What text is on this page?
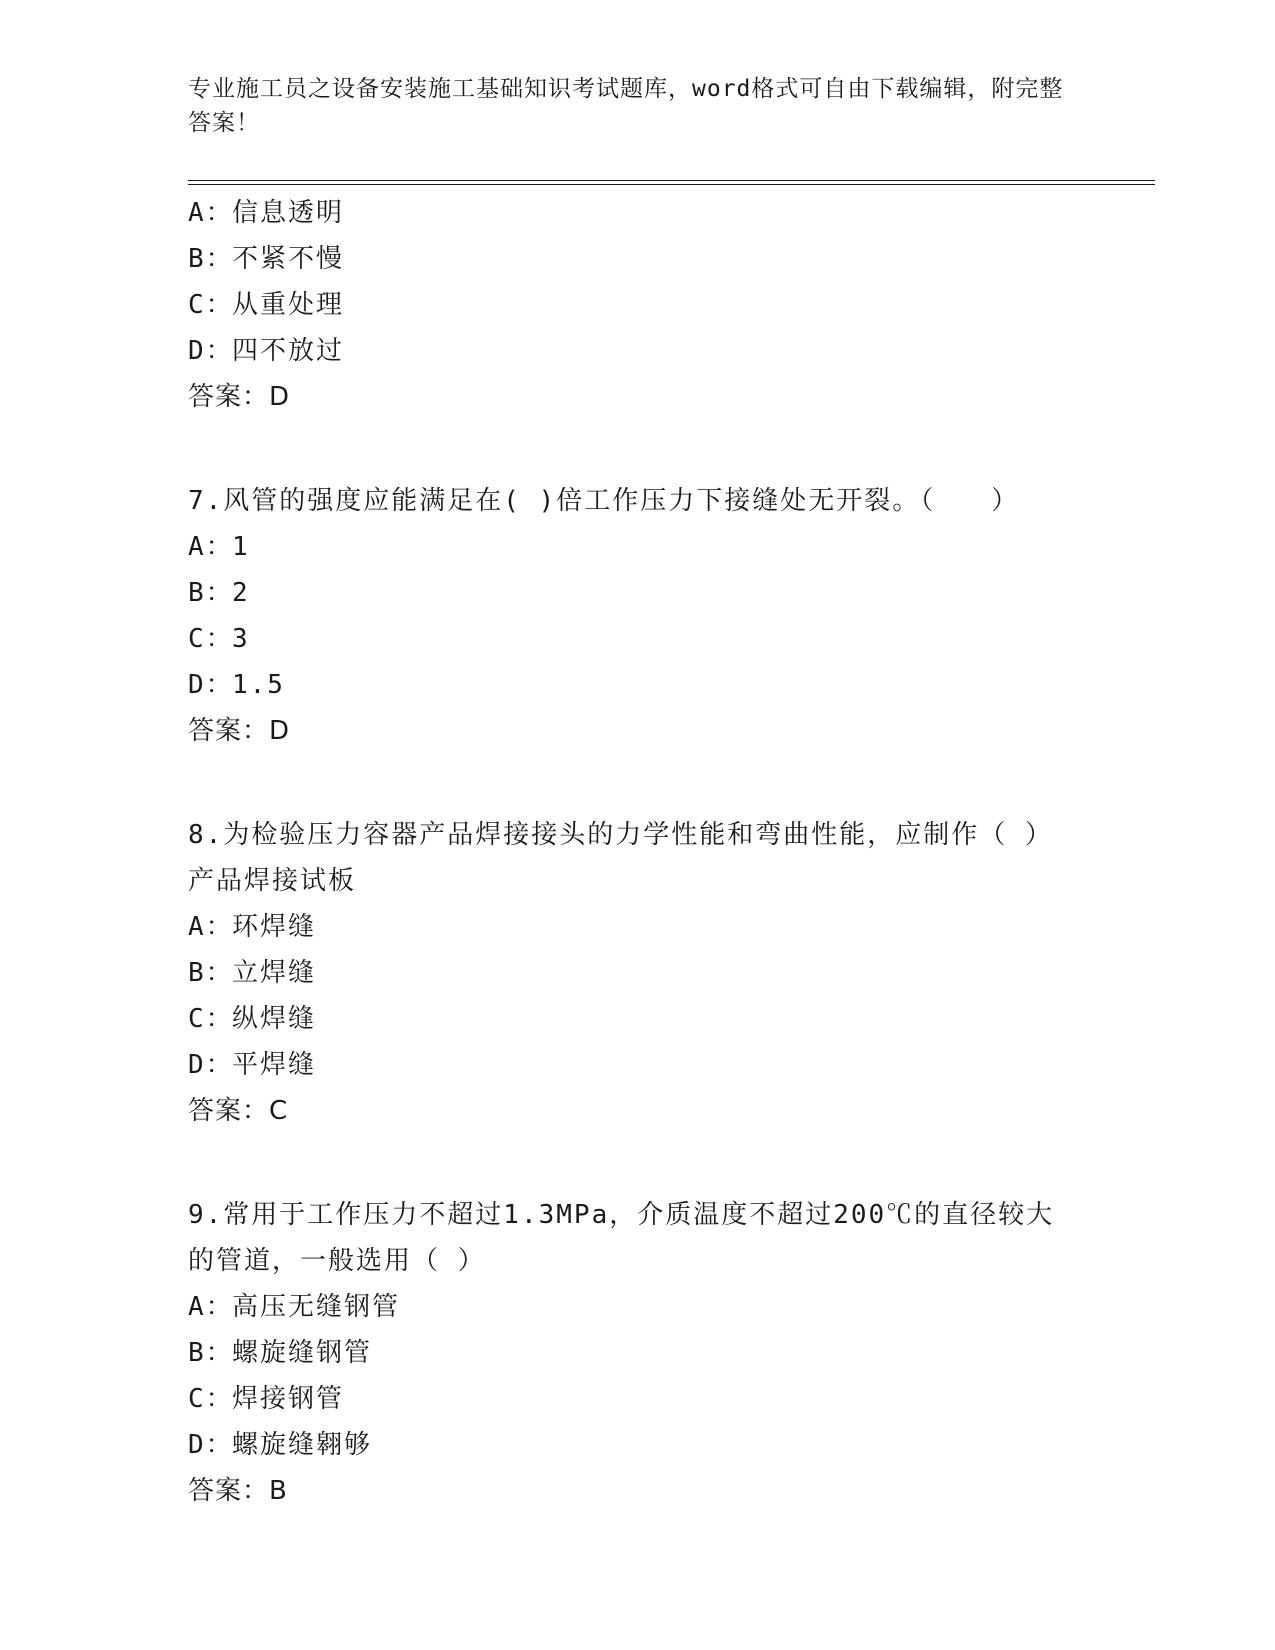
专业施工员之设备安装施工基础知识考试题库，word格式可自由下载编辑，附完整答案！
A：信息透明
B：不紧不慢
C：从重处理
D：四不放过
答案：D
7.风管的强度应能满足在( )倍工作压力下接缝处无开裂。（　　）
A：1
B：2
C：3
D：1.5
答案：D
8.为检验压力容器产品焊接接头的力学性能和弯曲性能，应制作（ ）产品焊接试板
A：环焊缝
B：立焊缝
C：纵焊缝
D：平焊缝
答案：C
9.常用于工作压力不超过1.3MPa，介质温度不超过200℃的直径较大的管道，一般选用（ ）
A：高压无缝钢管
B：螺旋缝钢管
C：焊接钢管
D：螺旋缝翱够
答案：B
